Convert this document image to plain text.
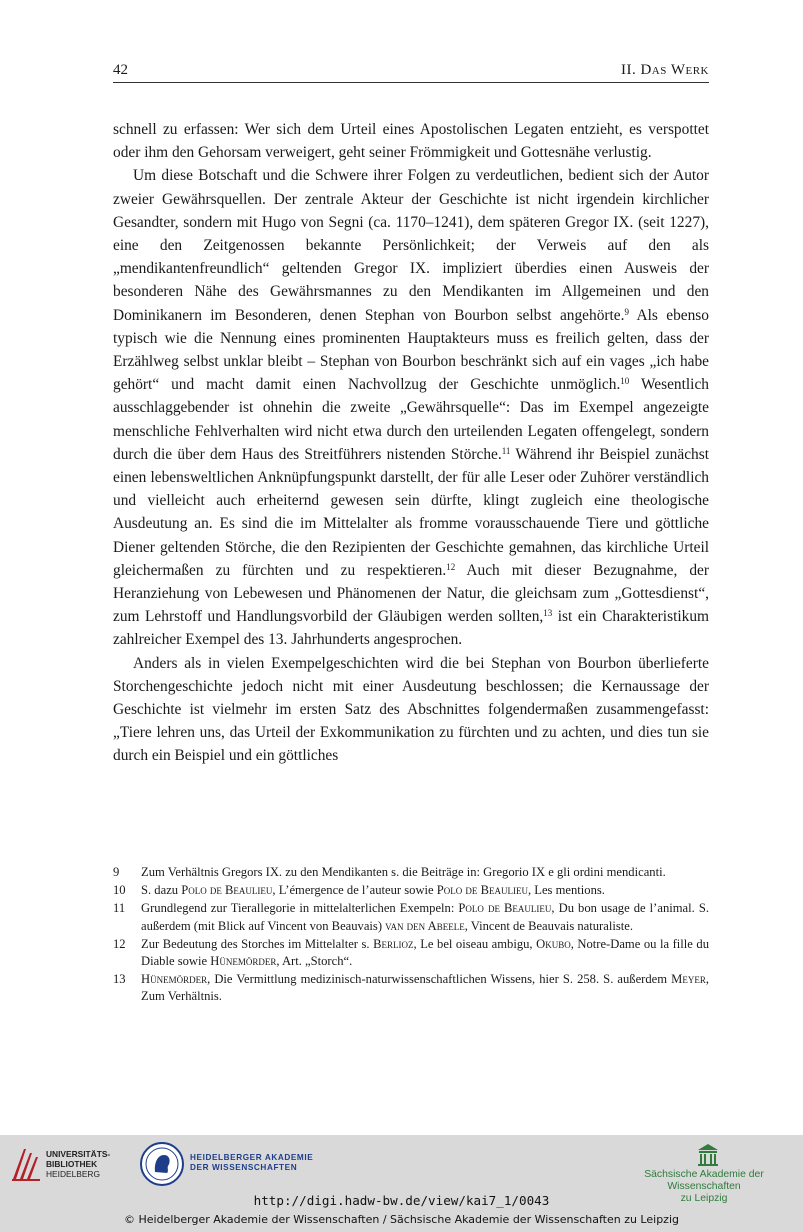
42	II. Das Werk

schnell zu erfassen: Wer sich dem Urteil eines Apostolischen Legaten entzieht, es verspottet oder ihm den Gehorsam verweigert, geht seiner Frömmigkeit und Gottesnähe verlustig.

Um diese Botschaft und die Schwere ihrer Folgen zu verdeutlichen, bedient sich der Autor zweier Gewährsquellen. Der zentrale Akteur der Geschichte ist nicht irgendein kirchlicher Gesandter, sondern mit Hugo von Segni (ca. 1170–1241), dem späteren Gregor IX. (seit 1227), eine den Zeitgenossen bekannte Persönlichkeit; der Verweis auf den als „mendikantenfreundlich“ geltenden Gregor IX. impliziert überdies einen Ausweis der besonderen Nähe des Gewährsmannes zu den Mendikanten im Allgemeinen und den Dominikanern im Besonderen, denen Stephan von Bourbon selbst angehörte.$^9$ Als ebenso typisch wie die Nennung eines prominenten Hauptakteurs muss es freilich gelten, dass der Erzählweg selbst unklar bleibt – Stephan von Bourbon beschränkt sich auf ein vages „ich habe gehört“ und macht damit einen Nachvollzug der Geschichte unmöglich.$^{10}$ Wesentlich ausschlaggebender ist ohnehin die zweite „Gewährsquelle“: Das im Exempel angezeigte menschliche Fehlverhalten wird nicht etwa durch den urteilenden Legaten offengelegt, sondern durch die über dem Haus des Streitführers nistenden Störche.$^{11}$ Während ihr Beispiel zunächst einen lebensweltlichen Anknüpfungspunkt darstellt, der für alle Leser oder Zuhörer verständlich und vielleicht auch erheiternd gewesen sein dürfte, klingt zugleich eine theologische Ausdeutung an. Es sind die im Mittelalter als fromme vorausschauende Tiere und göttliche Diener geltenden Störche, die den Rezipienten der Geschichte gemahnen, das kirchliche Urteil gleichermaßen zu fürchten und zu respektieren.$^{12}$ Auch mit dieser Bezugnahme, der Heranziehung von Lebewesen und Phänomenen der Natur, die gleichsam zum „Gottesdienst“, zum Lehrstoff und Handlungsvorbild der Gläubigen werden sollten,$^{13}$ ist ein Charakteristikum zahlreicher Exempel des 13. Jahrhunderts angesprochen.

Anders als in vielen Exempelgeschichten wird die bei Stephan von Bourbon überlieferte Storchengeschichte jedoch nicht mit einer Ausdeutung beschlossen; die Kernaussage der Geschichte ist vielmehr im ersten Satz des Abschnittes folgendermaßen zusammengefasst: „Tiere lehren uns, das Urteil der Exkommunikation zu fürchten und zu achten, und dies tun sie durch ein Beispiel und ein göttliches

9	Zum Verhältnis Gregors IX. zu den Mendikanten s. die Beiträge in: Gregorio IX e gli ordini mendicanti.
10	S. dazu Polo de Beaulieu, L’émergence de l’auteur sowie Polo de Beaulieu, Les mentions.
11	Grundlegend zur Tierallegorie in mittelalterlichen Exempeln: Polo de Beaulieu, Du bon usage de l’animal. S. außerdem (mit Blick auf Vincent von Beauvais) van den Abeele, Vincent de Beauvais naturaliste.
12	Zur Bedeutung des Storches im Mittelalter s. Berlioz, Le bel oiseau ambigu, Okubo, Notre-Dame ou la fille du Diable sowie Hünemörder, Art. „Storch“.
13	Hünemörder, Die Vermittlung medizinisch-naturwissenschaftlichen Wissens, hier S. 258. S. außerdem Meyer, Zum Verhältnis.
UNIVERSITÄTS-
BIBLIOTHEK
HEIDELBERG
HEIDELBERGER AKADEMIE
DER WISSENSCHAFTEN
Sächsische Akademie der Wissenschaften
zu Leipzig
http://digi.hadw-bw.de/view/kai7_1/0043
© Heidelberger Akademie der Wissenschaften / Sächsische Akademie der Wissenschaften zu Leipzig
